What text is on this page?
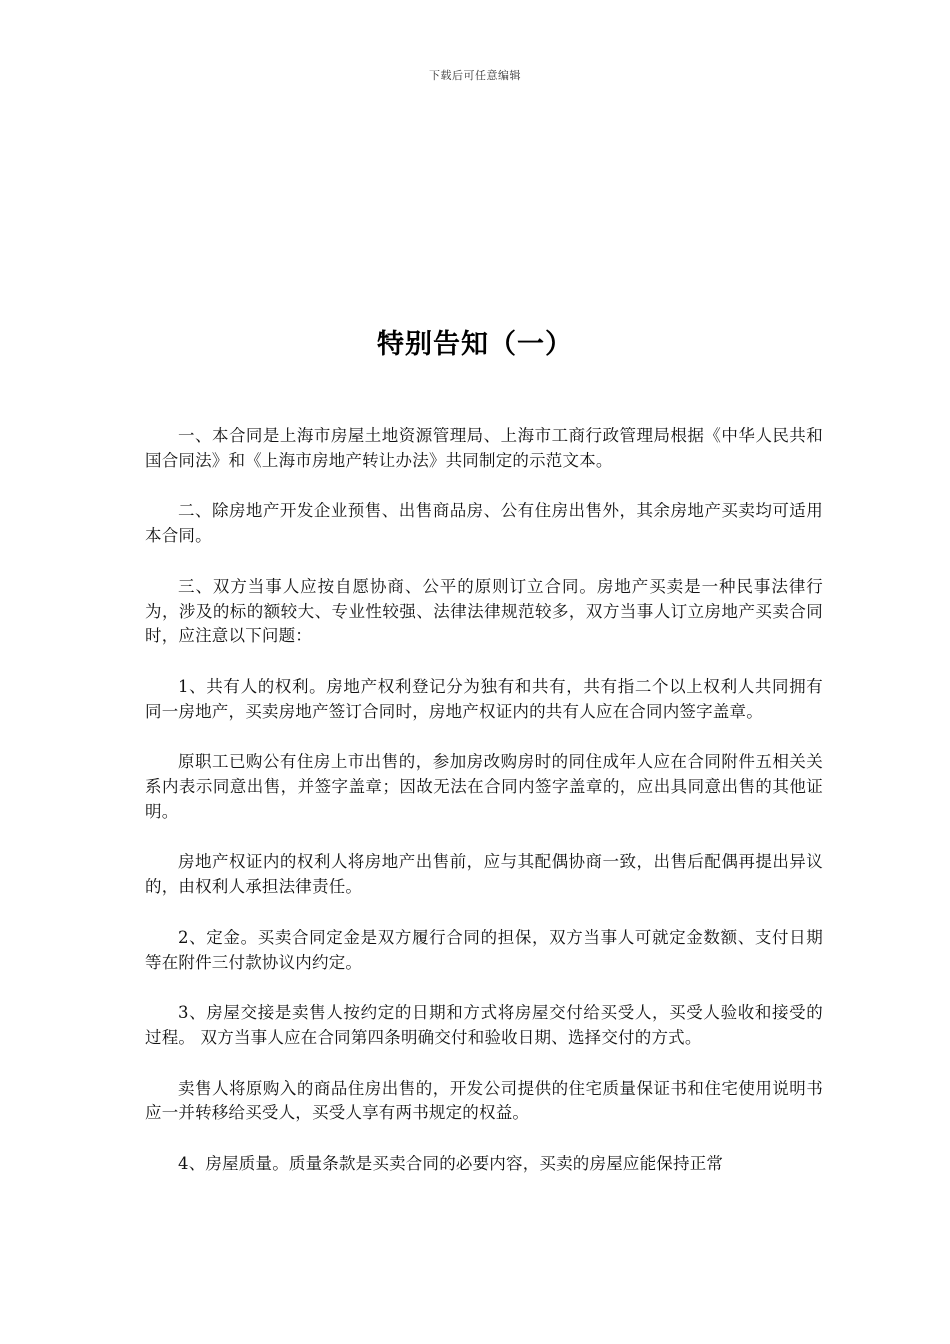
下载后可任意编辑
特别告知（一）

一、本合同是上海市房屋土地资源管理局、上海市工商行政管理局根据《中华人民共和国合同法》和《上海市房地产转让办法》共同制定的示范文本。

二、除房地产开发企业预售、出售商品房、公有住房出售外，其余房地产买卖均可适用本合同。

三、双方当事人应按自愿协商、公平的原则订立合同。房地产买卖是一种民事法律行为，涉及的标的额较大、专业性较强、法律法律规范较多，双方当事人订立房地产买卖合同时，应注意以下问题：

1、共有人的权利。房地产权利登记分为独有和共有，共有指二个以上权利人共同拥有同一房地产，买卖房地产签订合同时，房地产权证内的共有人应在合同内签字盖章。

原职工已购公有住房上市出售的，参加房改购房时的同住成年人应在合同附件五相关关系内表示同意出售，并签字盖章；因故无法在合同内签字盖章的，应出具同意出售的其他证明。

房地产权证内的权利人将房地产出售前，应与其配偶协商一致，出售后配偶再提出异议的，由权利人承担法律责任。

2、定金。买卖合同定金是双方履行合同的担保，双方当事人可就定金数额、支付日期等在附件三付款协议内约定。

3、房屋交接是卖售人按约定的日期和方式将房屋交付给买受人，买受人验收和接受的过程。 双方当事人应在合同第四条明确交付和验收日期、选择交付的方式。

卖售人将原购入的商品住房出售的，开发公司提供的住宅质量保证书和住宅使用说明书应一并转移给买受人，买受人享有两书规定的权益。

4、房屋质量。质量条款是买卖合同的必要内容，买卖的房屋应能保持正常
